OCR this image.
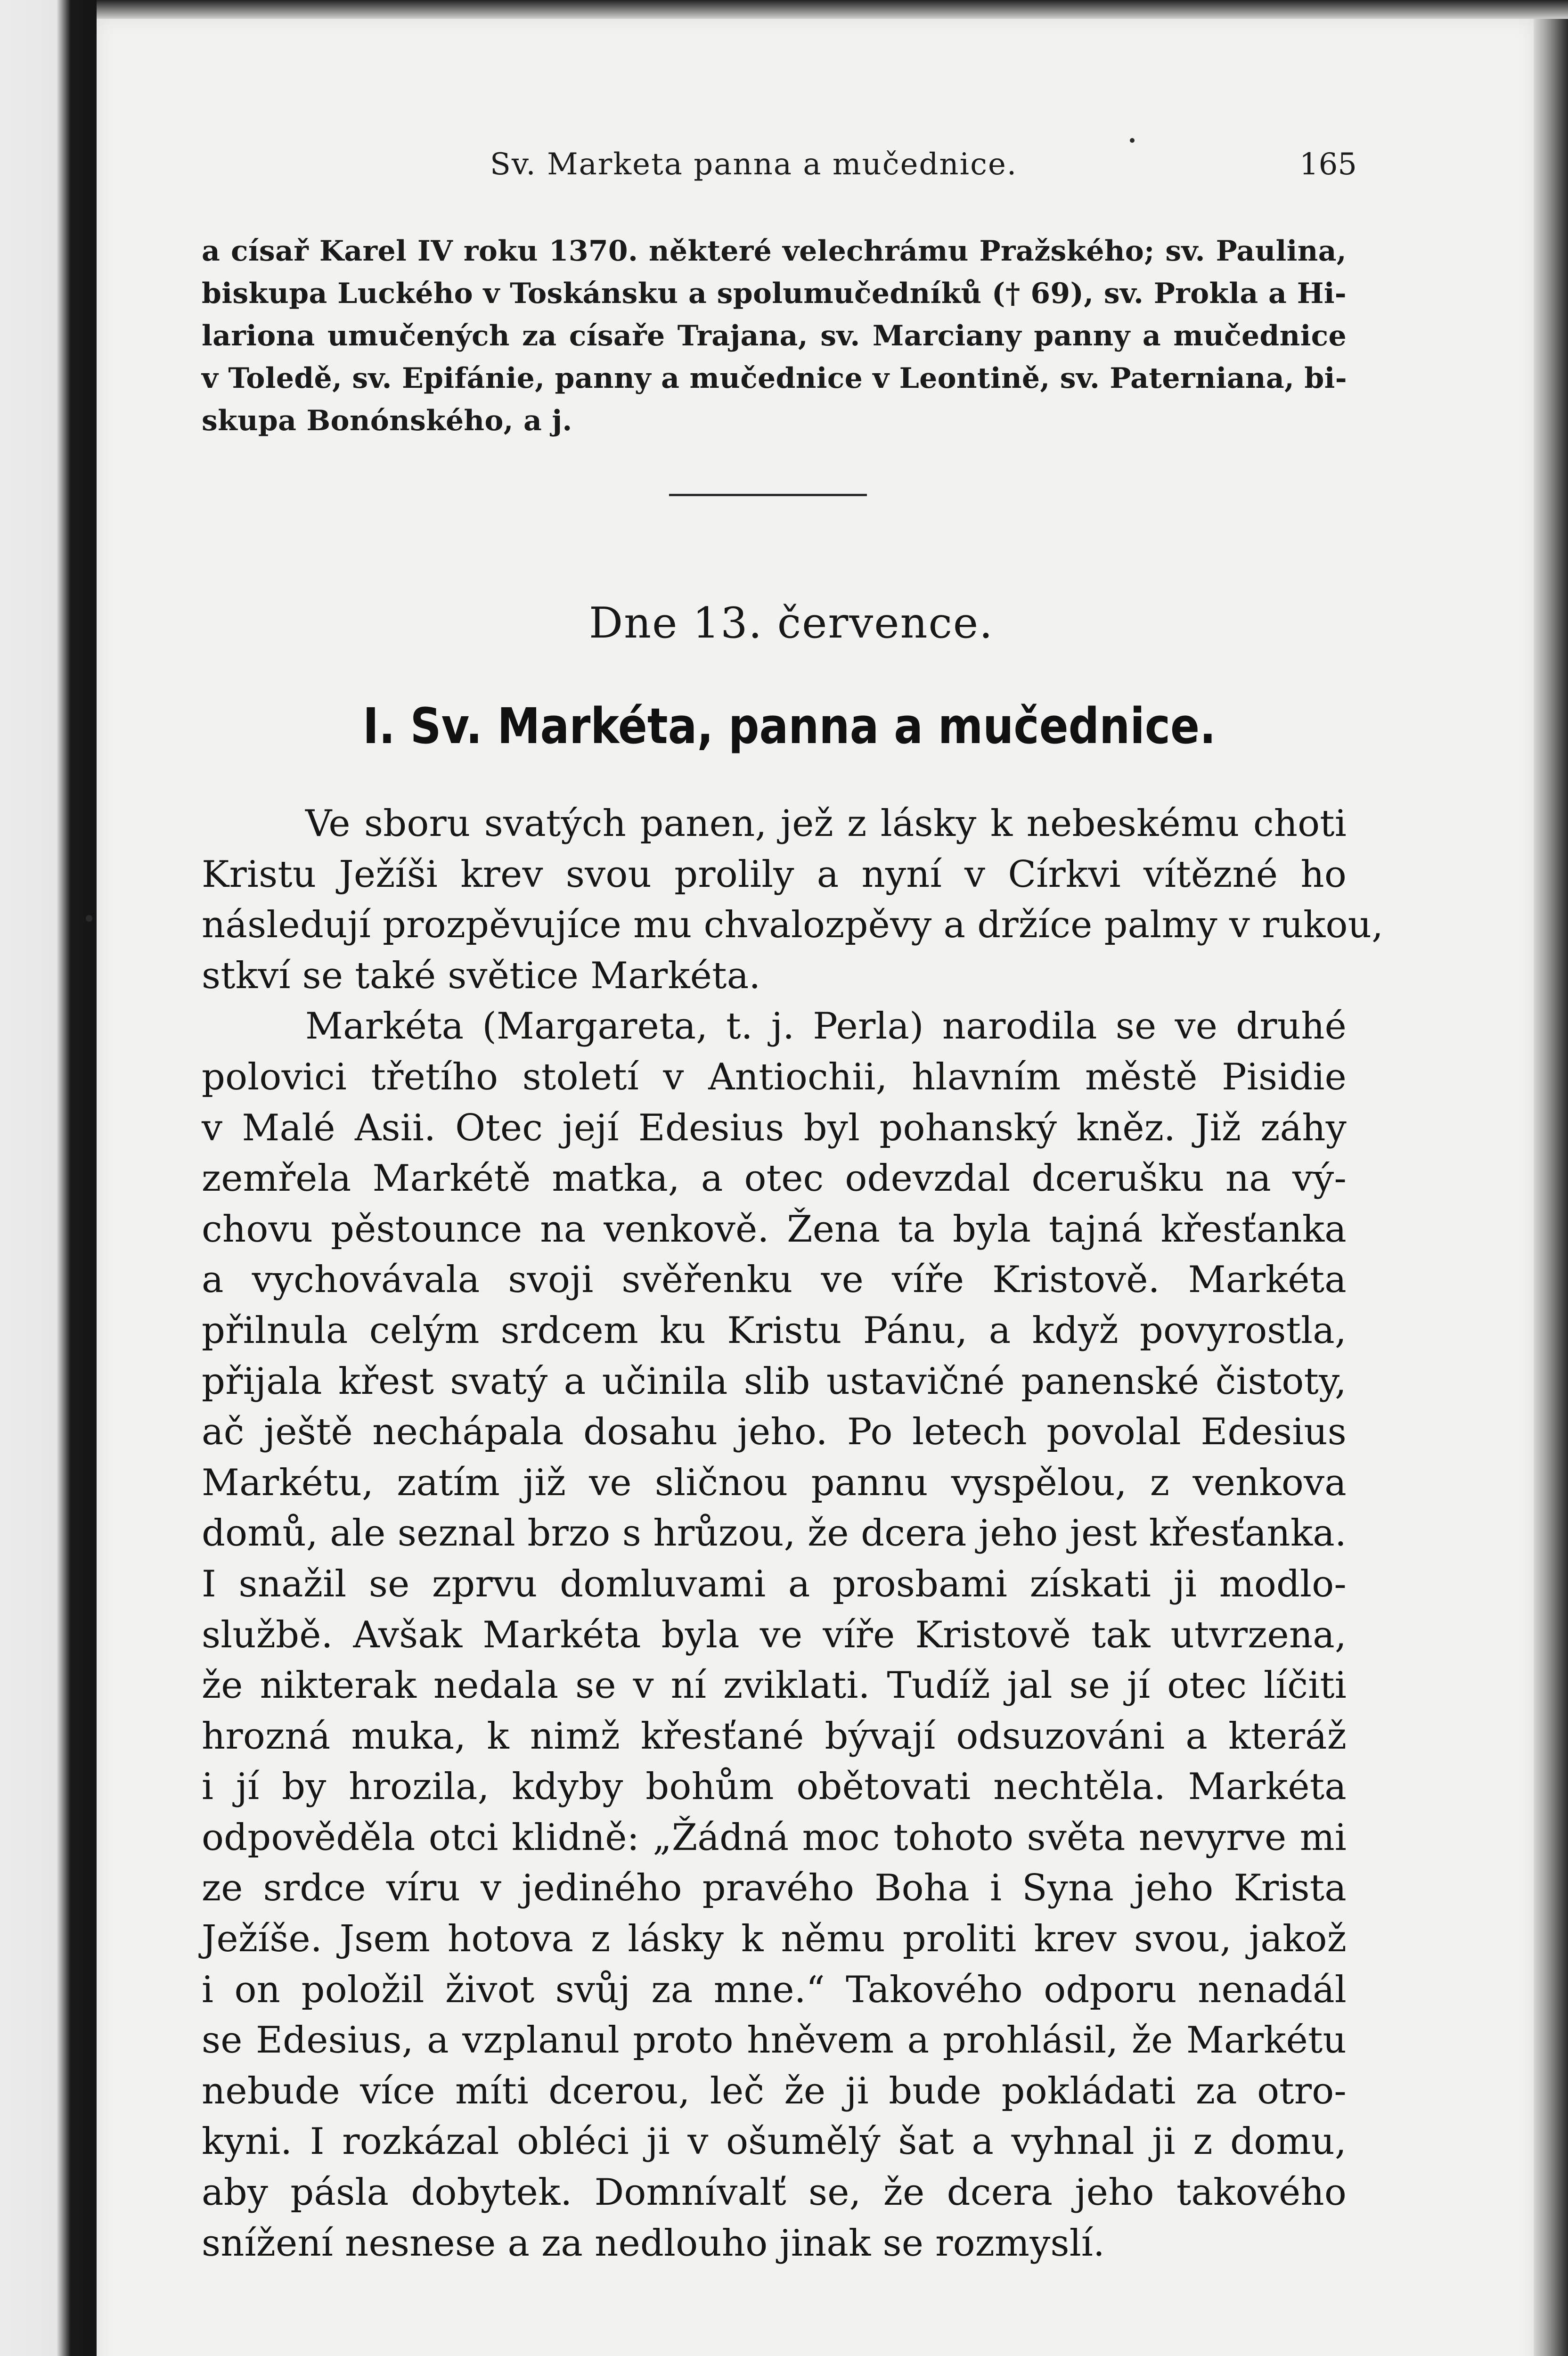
Sv. Marketa panna a mučednice.	165
a císař Karel IV roku 1370. některé velechrámu Pražského; sv. Paulina,
biskupa Luckého v Toskánsku a spolumučedníků († 69), sv. Prokla a Hi-
lariona umučených za císaře Trajana, sv. Marciany panny a mučednice
v Toledě, sv. Epifánie, panny a mučednice v Leontině, sv. Paterniana, bi-
skupa Bonónského, a j.
Dne 13. července.
I. Sv. Markéta, panna a mučednice.
Ve sboru svatých panen, jež z lásky k nebeskému choti
Kristu Ježíši krev svou prolily a nyní v Církvi vítězné ho
následují prozpěvujíce mu chvalozpěvy a držíce palmy v rukou,
stkví se také světice Markéta.
Markéta (Margareta, t. j. Perla) narodila se ve druhé
polovici třetího století v Antiochii, hlavním městě Pisidie
v Malé Asii. Otec její Edesius byl pohanský kněz. Již záhy
zemřela Markétě matka, a otec odevzdal dcerušku na vý-
chovu pěstounce na venkově. Žena ta byla tajná křesťanka
a vychovávala svoji svěřenku ve víře Kristově. Markéta
přilnula celým srdcem ku Kristu Pánu, a když povyrostla,
přijala křest svatý a učinila slib ustavičné panenské čistoty,
ač ještě nechápala dosahu jeho. Po letech povolal Edesius
Markétu, zatím již ve sličnou pannu vyspělou, z venkova
domů, ale seznal brzo s hrůzou, že dcera jeho jest křesťanka.
I snažil se zprvu domluvami a prosbami získati ji modlo-
službě. Avšak Markéta byla ve víře Kristově tak utvrzena,
že nikterak nedala se v ní zviklati. Tudíž jal se jí otec líčiti
hrozná muka, k nimž křesťané bývají odsuzováni a kteráž
i jí by hrozila, kdyby bohům obětovati nechtěla. Markéta
odpověděla otci klidně: „Žádná moc tohoto světa nevyrve mi
ze srdce víru v jediného pravého Boha i Syna jeho Krista
Ježíše. Jsem hotova z lásky k němu proliti krev svou, jakož
i on položil život svůj za mne.“ Takového odporu nenadál
se Edesius, a vzplanul proto hněvem a prohlásil, že Markétu
nebude více míti dcerou, leč že ji bude pokládati za otro-
kyni. I rozkázal obléci ji v ošumělý šat a vyhnal ji z domu,
aby pásla dobytek. Domnívalť se, že dcera jeho takového
snížení nesnese a za nedlouho jinak se rozmyslí.
